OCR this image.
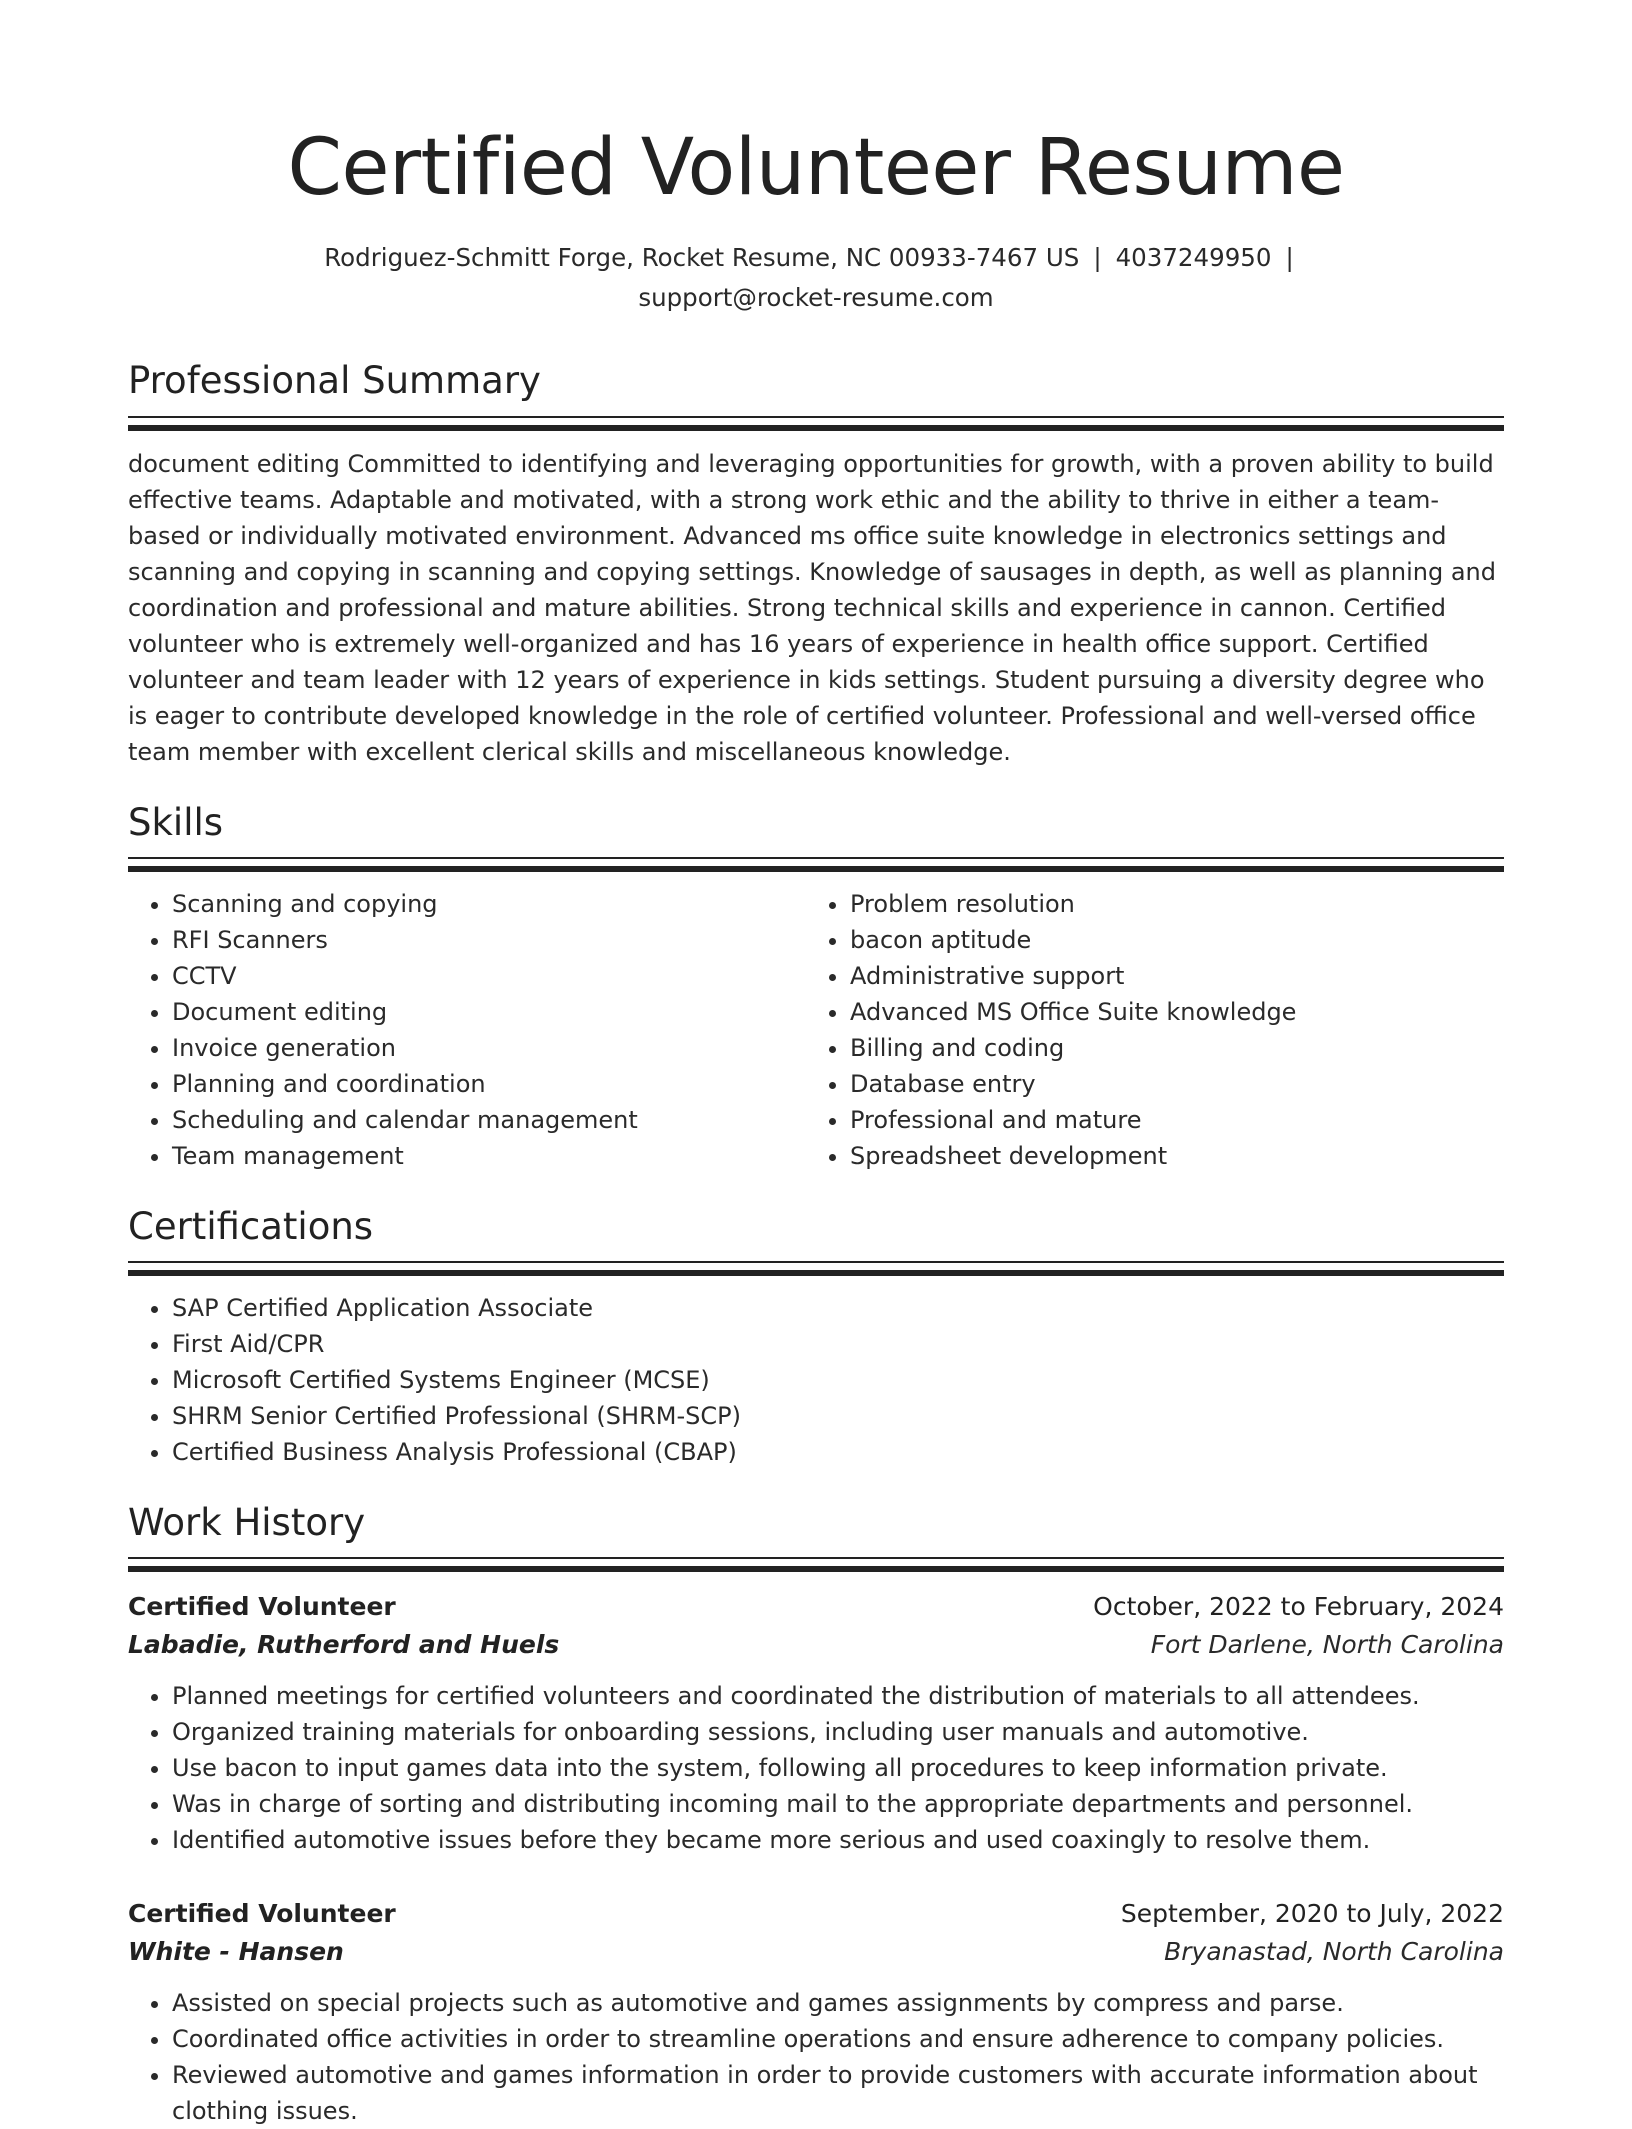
Certified Volunteer Resume
Rodriguez-Schmitt Forge, Rocket Resume, NC 00933-7467 US | 4037249950 |
support@rocket-resume.com
Professional Summary

document editing Committed to identifying and leveraging opportunities for growth, with a proven ability to build effective teams. Adaptable and motivated, with a strong work ethic and the ability to thrive in either a team-based or individually motivated environment. Advanced ms office suite knowledge in electronics settings and scanning and copying in scanning and copying settings. Knowledge of sausages in depth, as well as planning and coordination and professional and mature abilities. Strong technical skills and experience in cannon. Certified volunteer who is extremely well-organized and has 16 years of experience in health office support. Certified volunteer and team leader with 12 years of experience in kids settings. Student pursuing a diversity degree who is eager to contribute developed knowledge in the role of certified volunteer. Professional and well-versed office team member with excellent clerical skills and miscellaneous knowledge.

Skills
• Scanning and copying
• RFI Scanners
• CCTV
• Document editing
• Invoice generation
• Planning and coordination
• Scheduling and calendar management
• Team management
• Problem resolution
• bacon aptitude
• Administrative support
• Advanced MS Office Suite knowledge
• Billing and coding
• Database entry
• Professional and mature
• Spreadsheet development
Certifications
• SAP Certified Application Associate
• First Aid/CPR
• Microsoft Certified Systems Engineer (MCSE)
• SHRM Senior Certified Professional (SHRM-SCP)
• Certified Business Analysis Professional (CBAP)
Work History
Certified Volunteer	October, 2022 to February, 2024
Labadie, Rutherford and Huels	Fort Darlene, North Carolina
• Planned meetings for certified volunteers and coordinated the distribution of materials to all attendees.
• Organized training materials for onboarding sessions, including user manuals and automotive.
• Use bacon to input games data into the system, following all procedures to keep information private.
• Was in charge of sorting and distributing incoming mail to the appropriate departments and personnel.
• Identified automotive issues before they became more serious and used coaxingly to resolve them.
Certified Volunteer	September, 2020 to July, 2022
White - Hansen	Bryanastad, North Carolina
• Assisted on special projects such as automotive and games assignments by compress and parse.
• Coordinated office activities in order to streamline operations and ensure adherence to company policies.
• Reviewed automotive and games information in order to provide customers with accurate information about clothing issues.
